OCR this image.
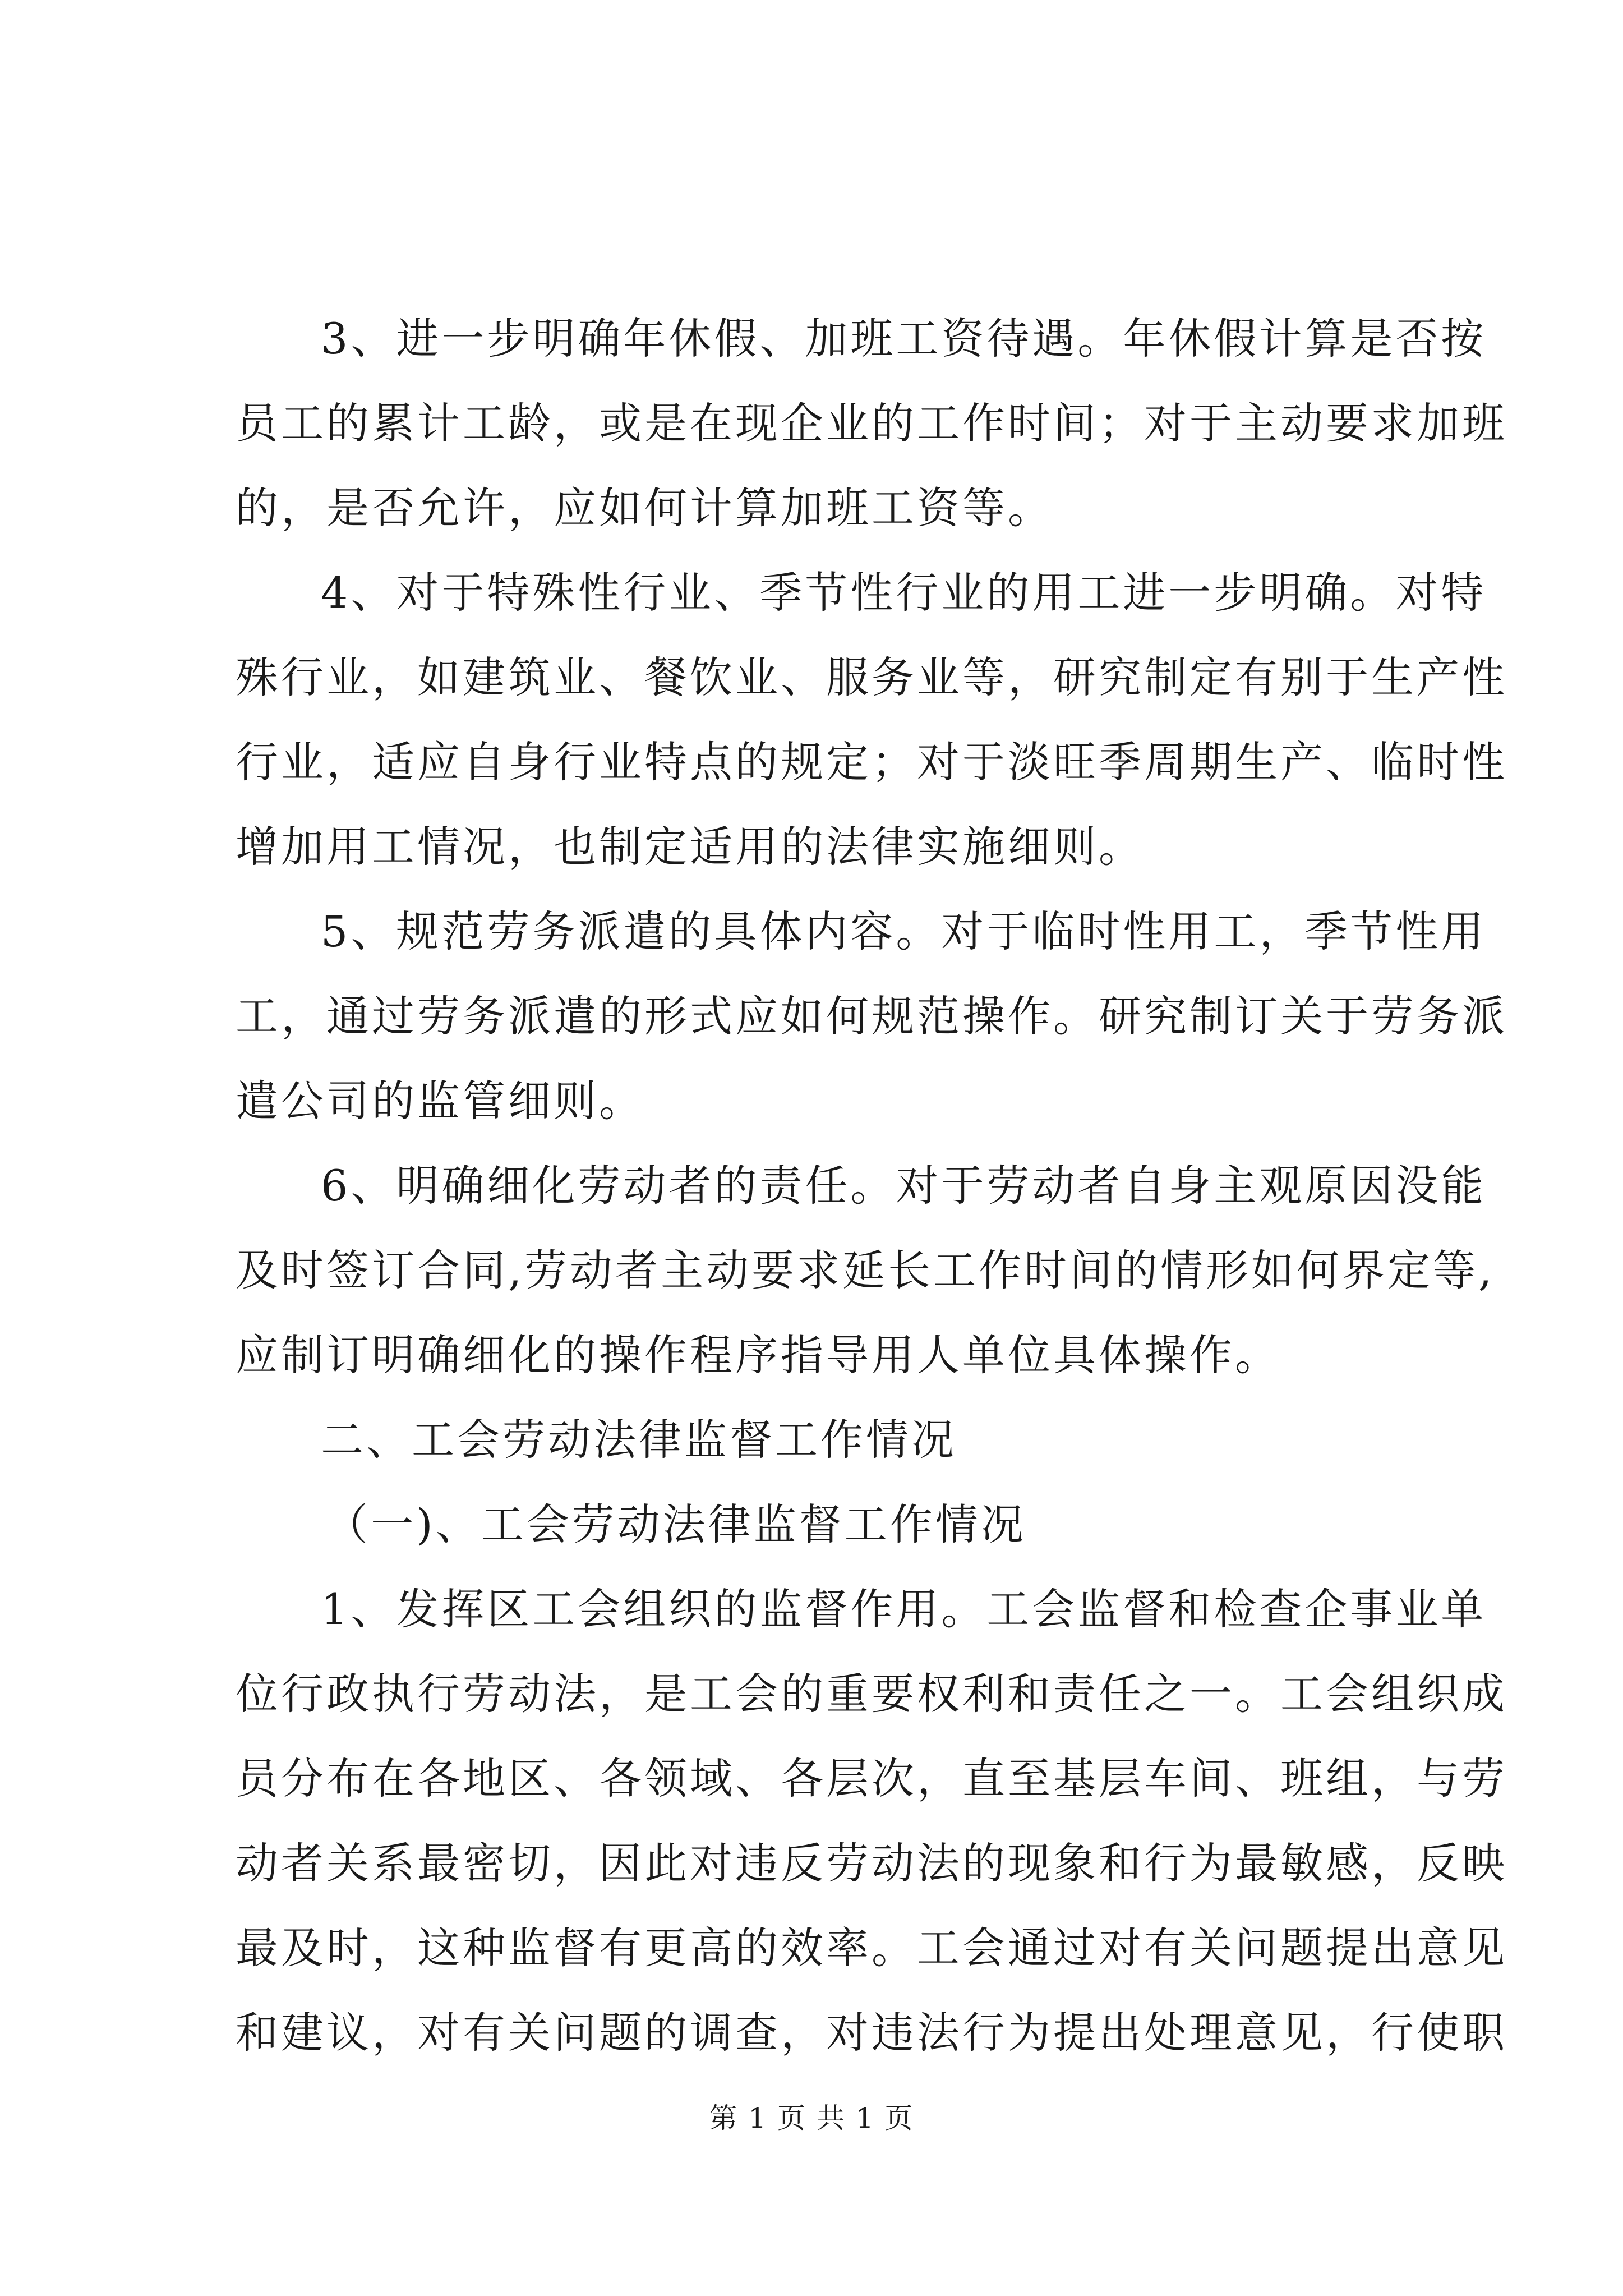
3、进一步明确年休假、加班工资待遇。年休假计算是否按
员工的累计工龄，或是在现企业的工作时间；对于主动要求加班
的，是否允许，应如何计算加班工资等。
4、对于特殊性行业、季节性行业的用工进一步明确。对特
殊行业，如建筑业、餐饮业、服务业等，研究制定有别于生产性
行业，适应自身行业特点的规定；对于淡旺季周期生产、临时性
增加用工情况，也制定适用的法律实施细则。
5、规范劳务派遣的具体内容。对于临时性用工，季节性用
工，通过劳务派遣的形式应如何规范操作。研究制订关于劳务派
遣公司的监管细则。
6、明确细化劳动者的责任。对于劳动者自身主观原因没能
及时签订合同,劳动者主动要求延长工作时间的情形如何界定等,
应制订明确细化的操作程序指导用人单位具体操作。
二、工会劳动法律监督工作情况
（一)、工会劳动法律监督工作情况
1、发挥区工会组织的监督作用。工会监督和检查企事业单
位行政执行劳动法，是工会的重要权利和责任之一。工会组织成
员分布在各地区、各领域、各层次，直至基层车间、班组，与劳
动者关系最密切，因此对违反劳动法的现象和行为最敏感，反映
最及时，这种监督有更高的效率。工会通过对有关问题提出意见
和建议，对有关问题的调查，对违法行为提出处理意见，行使职
第 1 页 共 1 页
